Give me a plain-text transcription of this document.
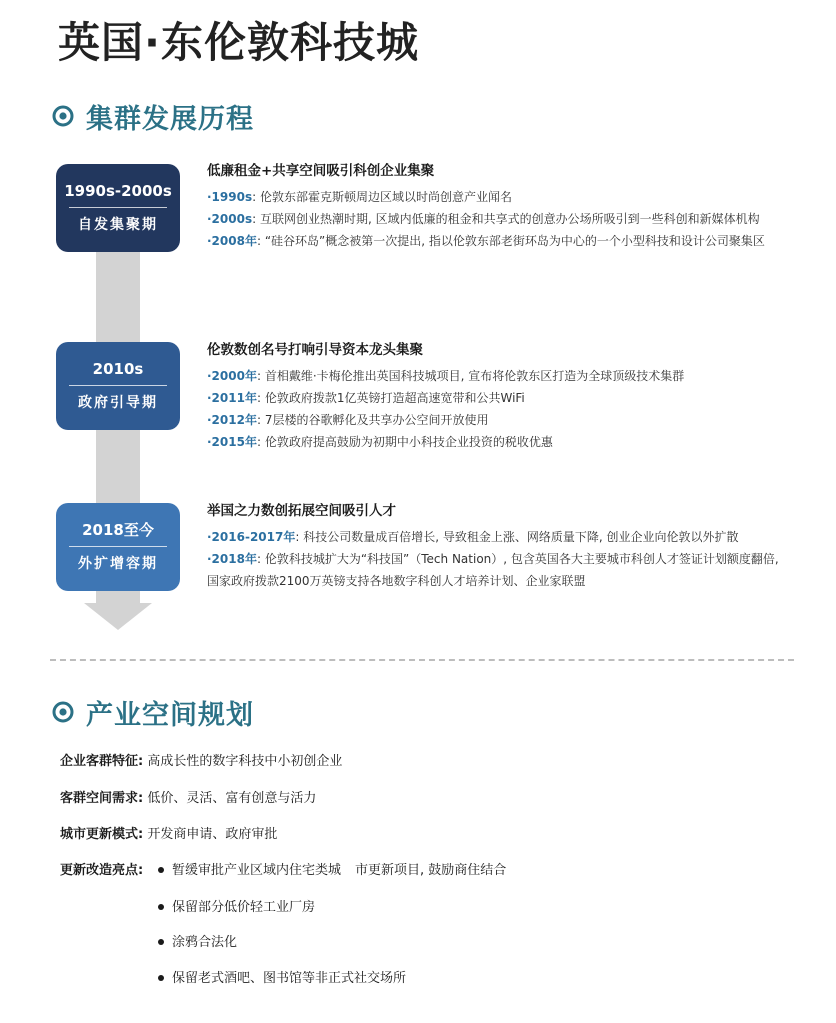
英国·东伦敦科技城
集群发展历程
1990s-2000s
自发集聚期
2010s
政府引导期
2018至今
外扩增容期
低廉租金+共享空间吸引科创企业集聚
·1990s: 伦敦东部霍克斯顿周边区域以时尚创意产业闻名
·2000s: 互联网创业热潮时期, 区域内低廉的租金和共享式的创意办公场所吸引到一些科创和新媒体机构
·2008年: “硅谷环岛”概念被第一次提出, 指以伦敦东部老街环岛为中心的一个小型科技和设计公司聚集区
伦敦数创名号打响引导资本龙头集聚
·2000年: 首相戴维·卡梅伦推出英国科技城项目, 宣布将伦敦东区打造为全球顶级技术集群
·2011年: 伦敦政府拨款1亿英镑打造超高速宽带和公共WiFi
·2012年: 7层楼的谷歌孵化及共享办公空间开放使用
·2015年: 伦敦政府提高鼓励为初期中小科技企业投资的税收优惠
举国之力数创拓展空间吸引人才
·2016-2017年: 科技公司数量成百倍增长, 导致租金上涨、网络质量下降, 创业企业向伦敦以外扩散
·2018年: 伦敦科技城扩大为“科技国”（Tech Nation）, 包含英国各大主要城市科创人才签证计划额度翻倍, 国家政府拨款2100万英镑支持各地数字科创人才培养计划、企业家联盟
产业空间规划
企业客群特征: 高成长性的数字科技中小初创企业
客群空间需求: 低价、灵活、富有创意与活力
城市更新模式: 开发商申请、政府审批
更新改造亮点:	暂缓审批产业区域内住宅类城 市更新项目, 鼓励商住结合
保留部分低价轻工业厂房
涂鸦合法化
保留老式酒吧、图书馆等非正式社交场所
